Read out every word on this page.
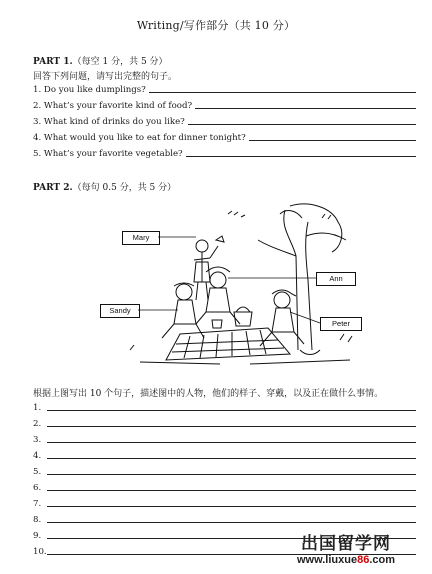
Writing/写作部分（共 10 分）
PART 1.（每空 1 分，共 5 分）
回答下列问题，请写出完整的句子。
1. Do you like dumplings?
2. What’s your favorite kind of food?
3. What kind of drinks do you like?
4. What would you like to eat for dinner tonight?
5. What’s your favorite vegetable?
PART 2.（每句 0.5 分，共 5 分）
Mary
Ann
Sandy
Peter
根据上图写出 10 个句子，描述图中的人物，他们的样子、穿戴，以及正在做什么事情。
1.
2.
3.
4.
5.
6.
7.
8.
9.
10.	出国留学网
www.liuxue86.com
